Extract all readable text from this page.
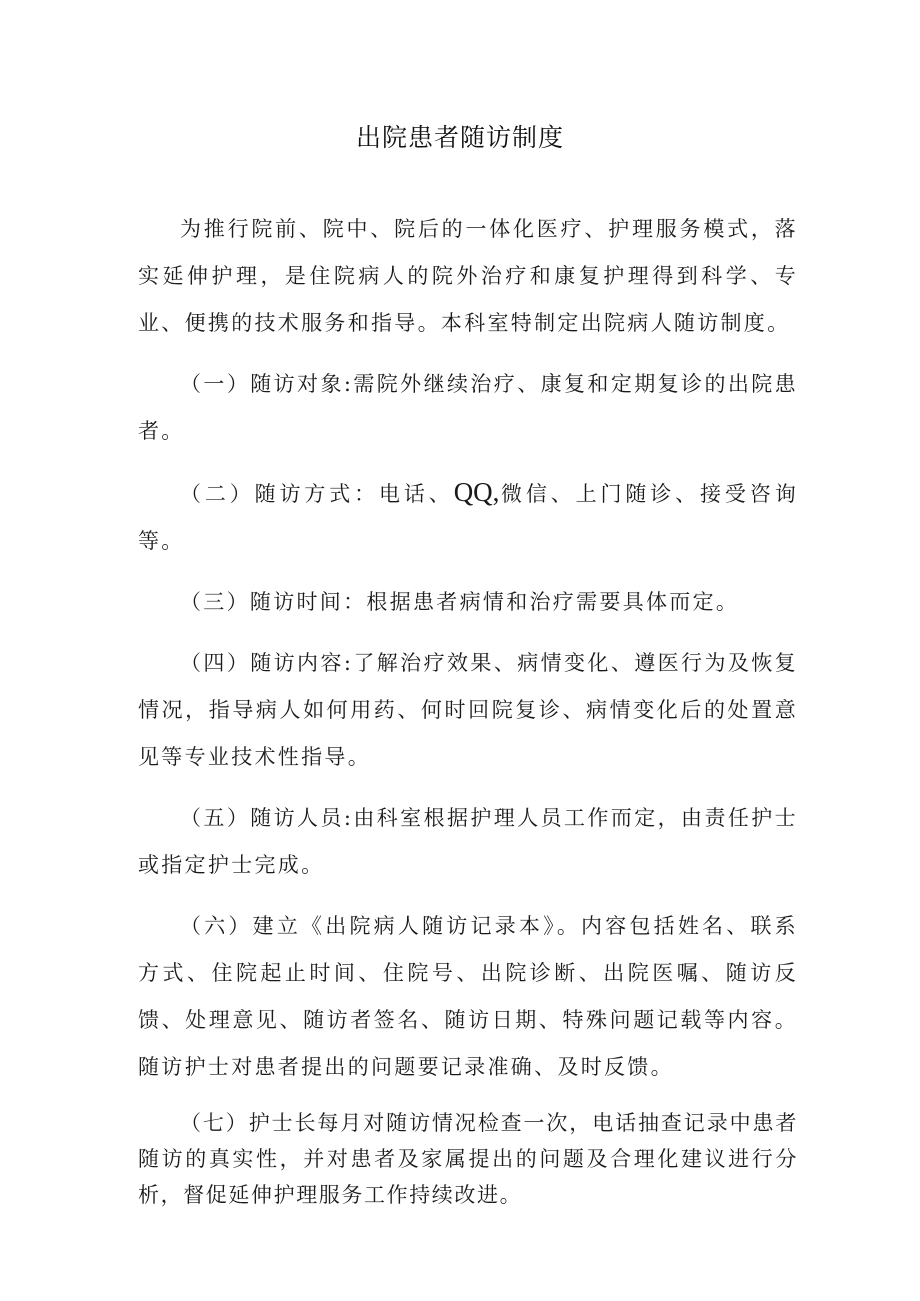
出院患者随访制度

为推行院前、院中、院后的一体化医疗、护理服务模式，落实延伸护理，是住院病人的院外治疗和康复护理得到科学、专业、便携的技术服务和指导。本科室特制定出院病人随访制度。

（一）随访对象:需院外继续治疗、康复和定期复诊的出院患者。

（二）随访方式：电话、QQ,微信、上门随诊、接受咨询等。

（三）随访时间：根据患者病情和治疗需要具体而定。

（四）随访内容:了解治疗效果、病情变化、遵医行为及恢复情况，指导病人如何用药、何时回院复诊、病情变化后的处置意见等专业技术性指导。

（五）随访人员:由科室根据护理人员工作而定，由责任护士或指定护士完成。

（六）建立《出院病人随访记录本》。内容包括姓名、联系方式、住院起止时间、住院号、出院诊断、出院医嘱、随访反馈、处理意见、随访者签名、随访日期、特殊问题记载等内容。随访护士对患者提出的问题要记录准确、及时反馈。

（七）护士长每月对随访情况检查一次，电话抽查记录中患者随访的真实性，并对患者及家属提出的问题及合理化建议进行分析，督促延伸护理服务工作持续改进。
